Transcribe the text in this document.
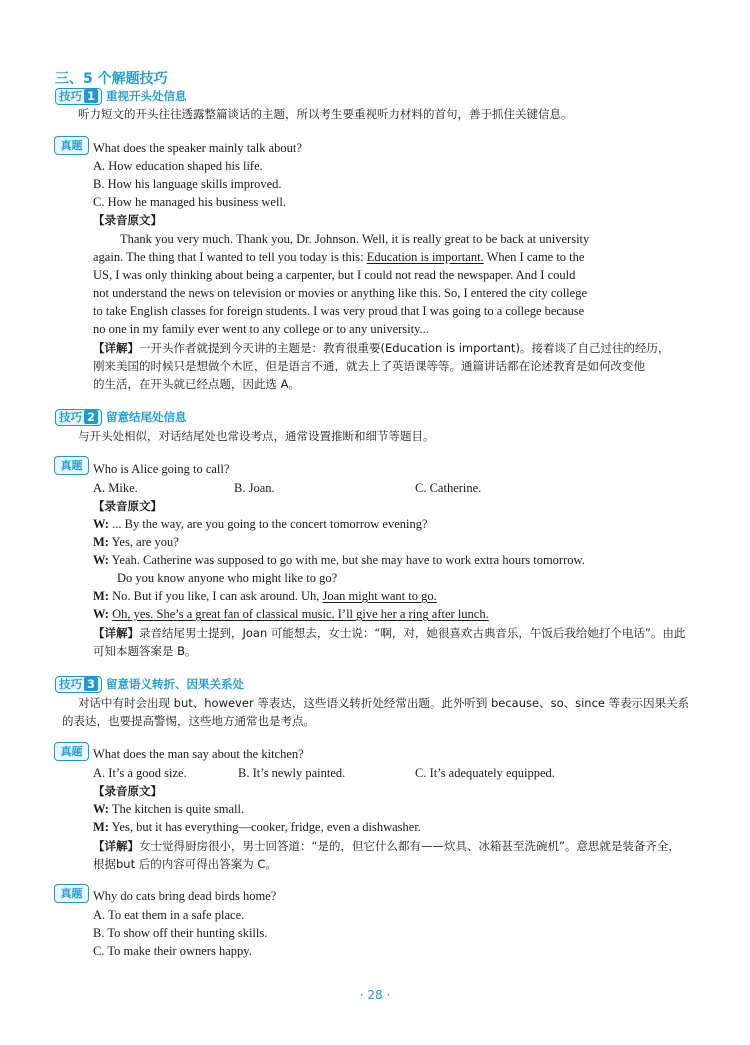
三、5 个解题技巧
技巧 1 重视开头处信息
听力短文的开头往往透露整篇谈话的主题，所以考生要重视听力材料的首句，善于抓住关键信息。
真题 What does the speaker mainly talk about?
A. How education shaped his life.
B. How his language skills improved.
C. How he managed his business well.
【录音原文】
Thank you very much. Thank you, Dr. Johnson. Well, it is really great to be back at university
again. The thing that I wanted to tell you today is this: Education is important. When I came to the
US, I was only thinking about being a carpenter, but I could not read the newspaper. And I could
not understand the news on television or movies or anything like this. So, I entered the city college
to take English classes for foreign students. I was very proud that I was going to a college because
no one in my family ever went to any college or to any university...
【详解】一开头作者就提到今天讲的主题是：教育很重要(Education is important)。接着谈了自己过往的经历，
刚来美国的时候只是想做个木匠，但是语言不通，就去上了英语课等等。通篇讲话都在论述教育是如何改变他
的生活，在开头就已经点题，因此选 A。
技巧 2 留意结尾处信息
与开头处相似，对话结尾处也常设考点，通常设置推断和细节等题目。
真题 Who is Alice going to call?
A. Mike.	B. Joan.	C. Catherine.
【录音原文】
W: ... By the way, are you going to the concert tomorrow evening?
M: Yes, are you?
W: Yeah. Catherine was supposed to go with me, but she may have to work extra hours tomorrow.
Do you know anyone who might like to go?
M: No. But if you like, I can ask around. Uh, Joan might want to go.
W: Oh, yes. She’s a great fan of classical music. I’ll give her a ring after lunch.
【详解】录音结尾男士提到，Joan 可能想去，女士说：“啊，对，她很喜欢古典音乐，午饭后我给她打个电话”。由此
可知本题答案是 B。
技巧 3 留意语义转折、因果关系处
对话中有时会出现 but、however 等表达，这些语义转折处经常出题。此外听到 because、so、since 等表示因果关系
的表达，也要提高警惕，这些地方通常也是考点。
真题 What does the man say about the kitchen?
A. It’s a good size.	B. It’s newly painted.	C. It’s adequately equipped.
【录音原文】
W: The kitchen is quite small.
M: Yes, but it has everything—cooker, fridge, even a dishwasher.
【详解】女士觉得厨房很小，男士回答道：“是的，但它什么都有——炊具、冰箱甚至洗碗机”。意思就是装备齐全，
根据but 后的内容可得出答案为 C。
真题 Why do cats bring dead birds home?
A. To eat them in a safe place.
B. To show off their hunting skills.
C. To make their owners happy.
· 28 ·
